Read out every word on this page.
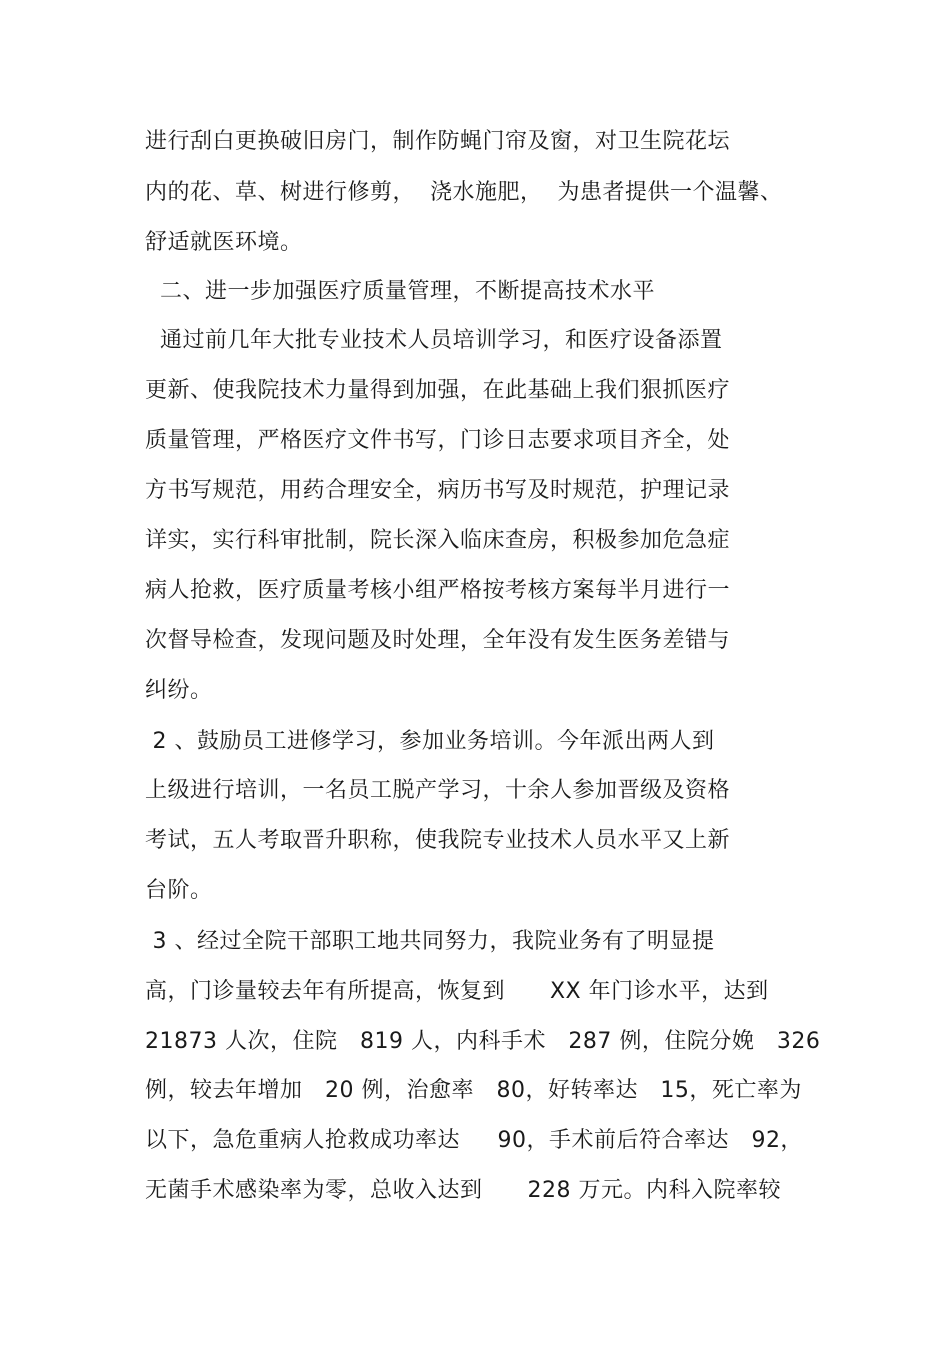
进行刮白更换破旧房门，制作防蝇门帘及窗，对卫生院花坛
内的花、草、树进行修剪，  浇水施肥，  为患者提供一个温馨、
舒适就医环境。
二、进一步加强医疗质量管理，不断提高技术水平
通过前几年大批专业技术人员培训学习，和医疗设备添置
更新、使我院技术力量得到加强，在此基础上我们狠抓医疗
质量管理，严格医疗文件书写，门诊日志要求项目齐全，处
方书写规范，用药合理安全，病历书写及时规范，护理记录
详实，实行科审批制，院长深入临床查房，积极参加危急症
病人抢救，医疗质量考核小组严格按考核方案每半月进行一
次督导检查，发现问题及时处理，全年没有发生医务差错与
纠纷。
2 、鼓励员工进修学习，参加业务培训。今年派出两人到
上级进行培训，一名员工脱产学习，十余人参加晋级及资格
考试，五人考取晋升职称，使我院专业技术人员水平又上新
台阶。
3 、经过全院干部职工地共同努力，我院业务有了明显提
高，门诊量较去年有所提高，恢复到      XX 年门诊水平，达到
21873 人次，住院   819 人，内科手术   287 例，住院分娩   326
例，较去年增加   20 例，治愈率   80，好转率达   15，死亡率为
以下，急危重病人抢救成功率达     90，手术前后符合率达   92，
无菌手术感染率为零，总收入达到      228 万元。内科入院率较
